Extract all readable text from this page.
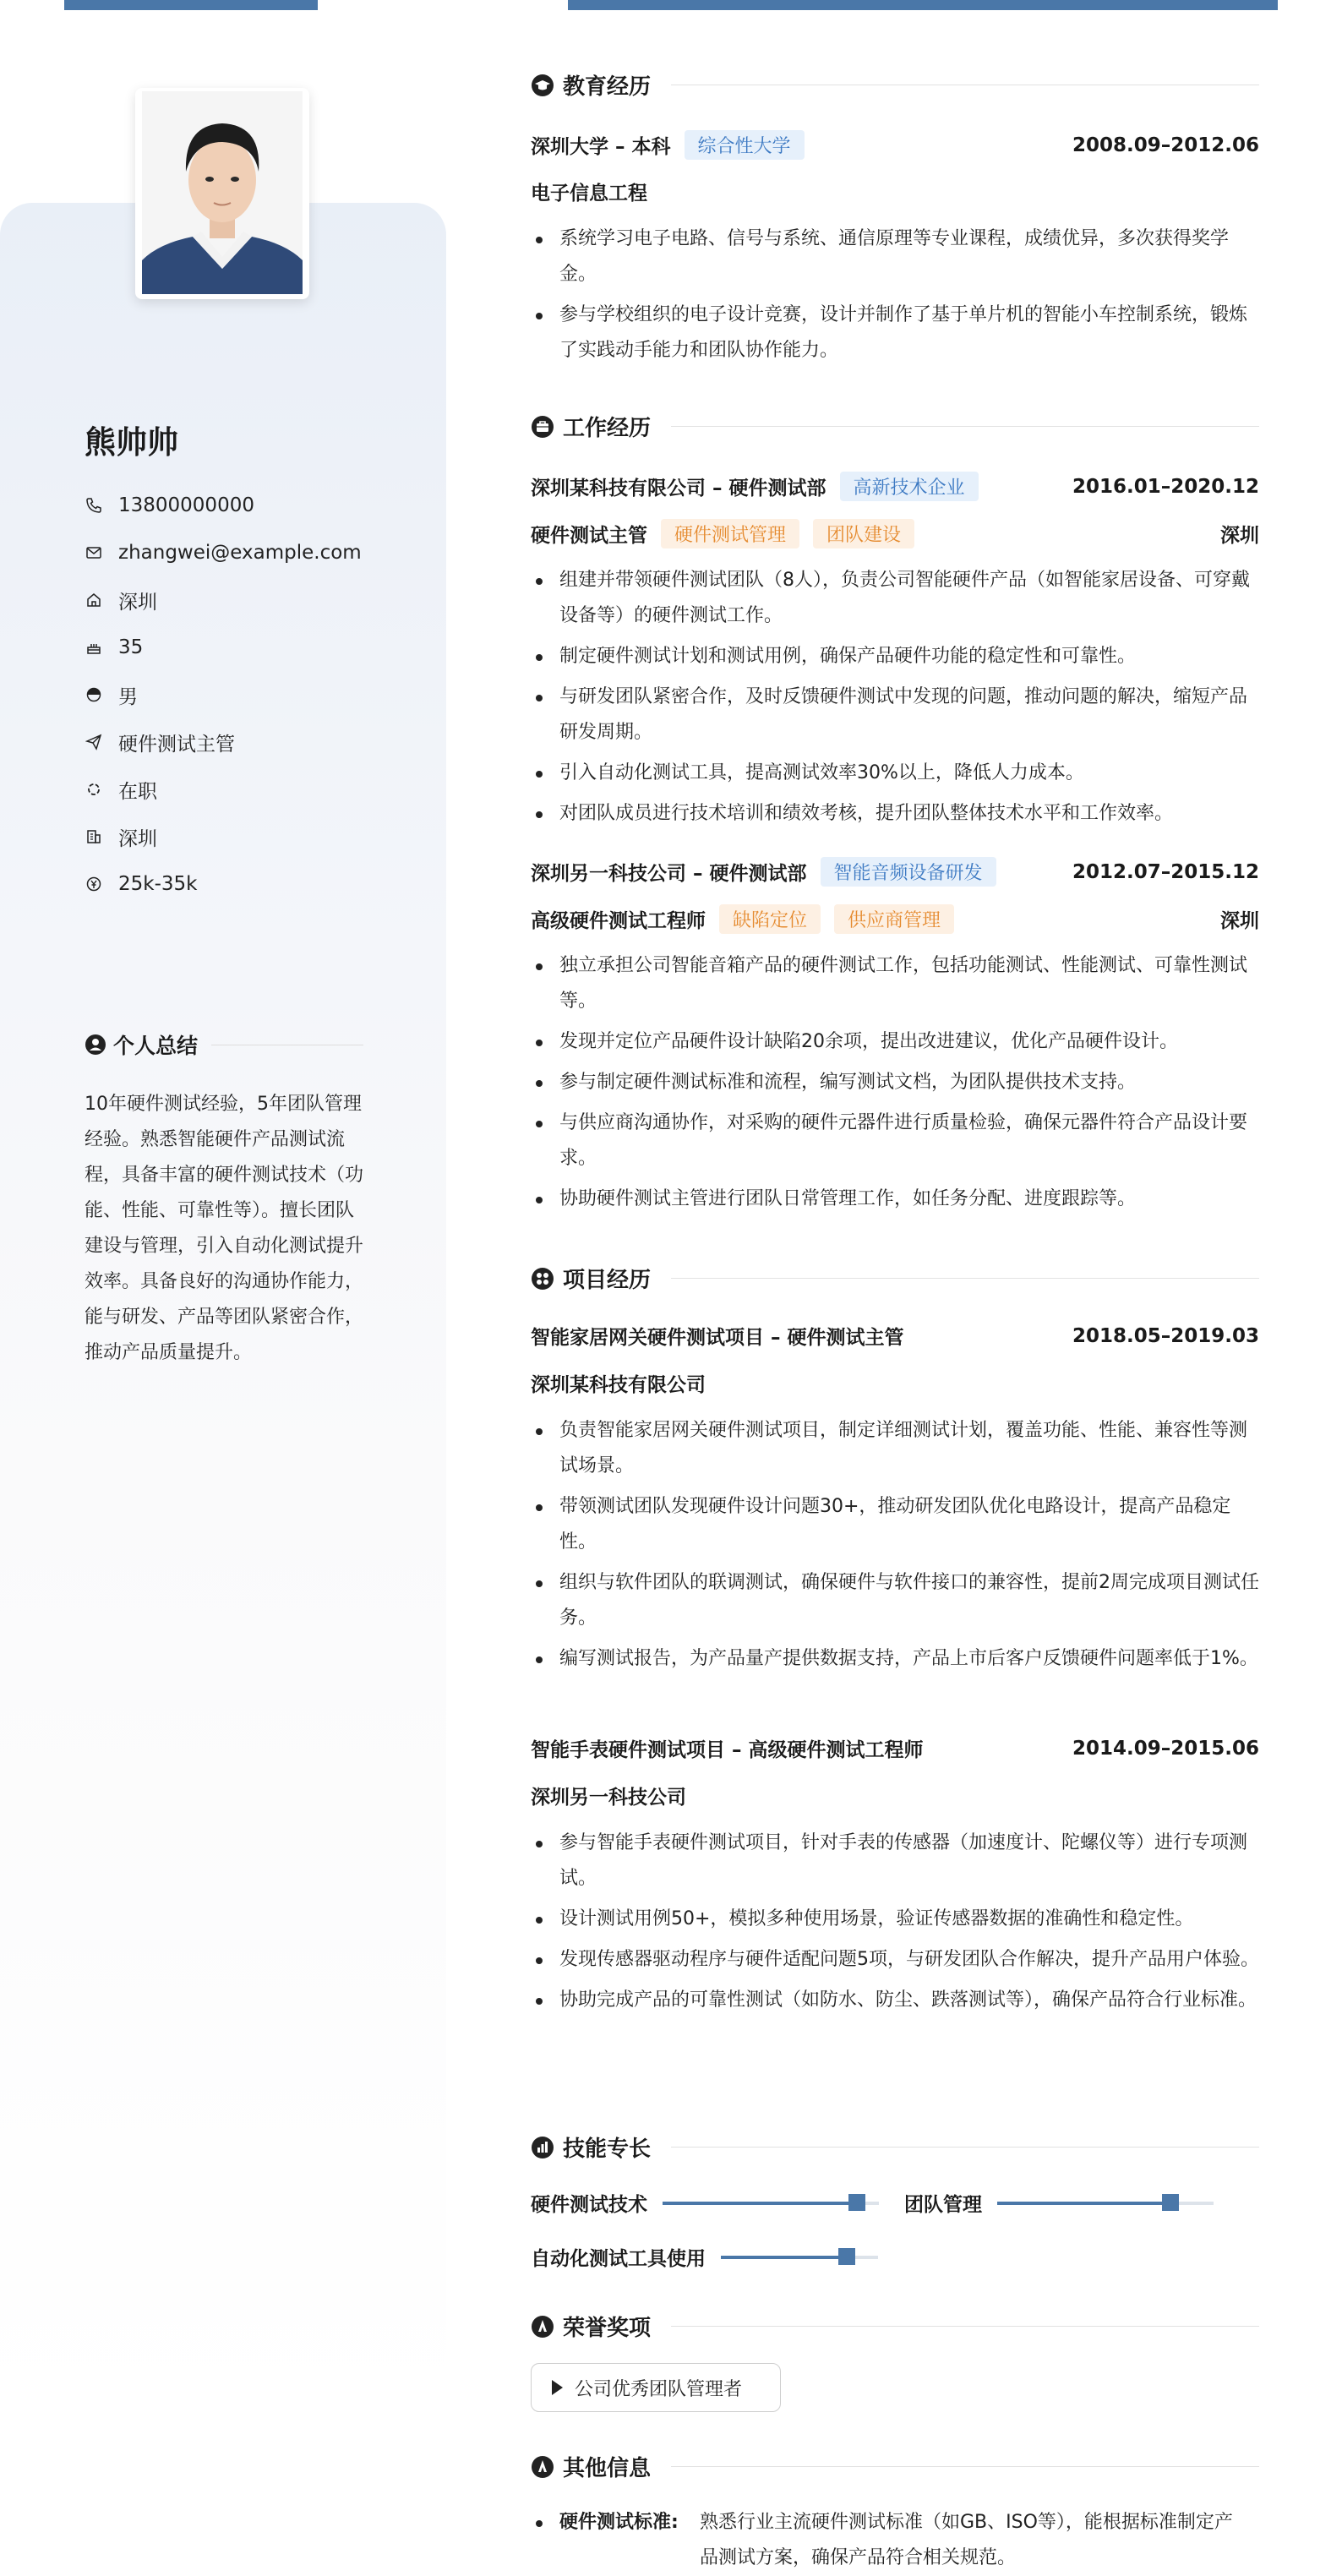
熊帅帅
13800000000
zhangwei@example.com
深圳
35
男
硬件测试主管
在职
深圳
25k-35k
个人总结
10年硬件测试经验，5年团队管理经验。熟悉智能硬件产品测试流程，具备丰富的硬件测试技术（功能、性能、可靠性等）。擅长团队建设与管理，引入自动化测试提升效率。具备良好的沟通协作能力，能与研发、产品等团队紧密合作，推动产品质量提升。
教育经历
深圳大学 – 本科	综合性大学	2008.09–2012.06
电子信息工程
系统学习电子电路、信号与系统、通信原理等专业课程，成绩优异，多次获得奖学金。
参与学校组织的电子设计竞赛，设计并制作了基于单片机的智能小车控制系统，锻炼了实践动手能力和团队协作能力。
工作经历
深圳某科技有限公司 – 硬件测试部	高新技术企业	2016.01–2020.12
硬件测试主管	硬件测试管理	团队建设	深圳
组建并带领硬件测试团队（8人），负责公司智能硬件产品（如智能家居设备、可穿戴设备等）的硬件测试工作。
制定硬件测试计划和测试用例，确保产品硬件功能的稳定性和可靠性。
与研发团队紧密合作，及时反馈硬件测试中发现的问题，推动问题的解决，缩短产品研发周期。
引入自动化测试工具，提高测试效率30%以上，降低人力成本。
对团队成员进行技术培训和绩效考核，提升团队整体技术水平和工作效率。
深圳另一科技公司 – 硬件测试部	智能音频设备研发	2012.07–2015.12
高级硬件测试工程师	缺陷定位	供应商管理	深圳
独立承担公司智能音箱产品的硬件测试工作，包括功能测试、性能测试、可靠性测试等。
发现并定位产品硬件设计缺陷20余项，提出改进建议，优化产品硬件设计。
参与制定硬件测试标准和流程，编写测试文档，为团队提供技术支持。
与供应商沟通协作，对采购的硬件元器件进行质量检验，确保元器件符合产品设计要求。
协助硬件测试主管进行团队日常管理工作，如任务分配、进度跟踪等。
项目经历
智能家居网关硬件测试项目 – 硬件测试主管	2018.05–2019.03
深圳某科技有限公司
负责智能家居网关硬件测试项目，制定详细测试计划，覆盖功能、性能、兼容性等测试场景。
带领测试团队发现硬件设计问题30+，推动研发团队优化电路设计，提高产品稳定性。
组织与软件团队的联调测试，确保硬件与软件接口的兼容性，提前2周完成项目测试任务。
编写测试报告，为产品量产提供数据支持，产品上市后客户反馈硬件问题率低于1%。
智能手表硬件测试项目 – 高级硬件测试工程师	2014.09–2015.06
深圳另一科技公司
参与智能手表硬件测试项目，针对手表的传感器（加速度计、陀螺仪等）进行专项测试。
设计测试用例50+，模拟多种使用场景，验证传感器数据的准确性和稳定性。
发现传感器驱动程序与硬件适配问题5项，与研发团队合作解决，提升产品用户体验。
协助完成产品的可靠性测试（如防水、防尘、跌落测试等），确保产品符合行业标准。
技能专长
硬件测试技术	团队管理
自动化测试工具使用
荣誉奖项
公司优秀团队管理者
其他信息
硬件测试标准: 熟悉行业主流硬件测试标准（如GB、ISO等），能根据标准制定产品测试方案，确保产品符合相关规范。
